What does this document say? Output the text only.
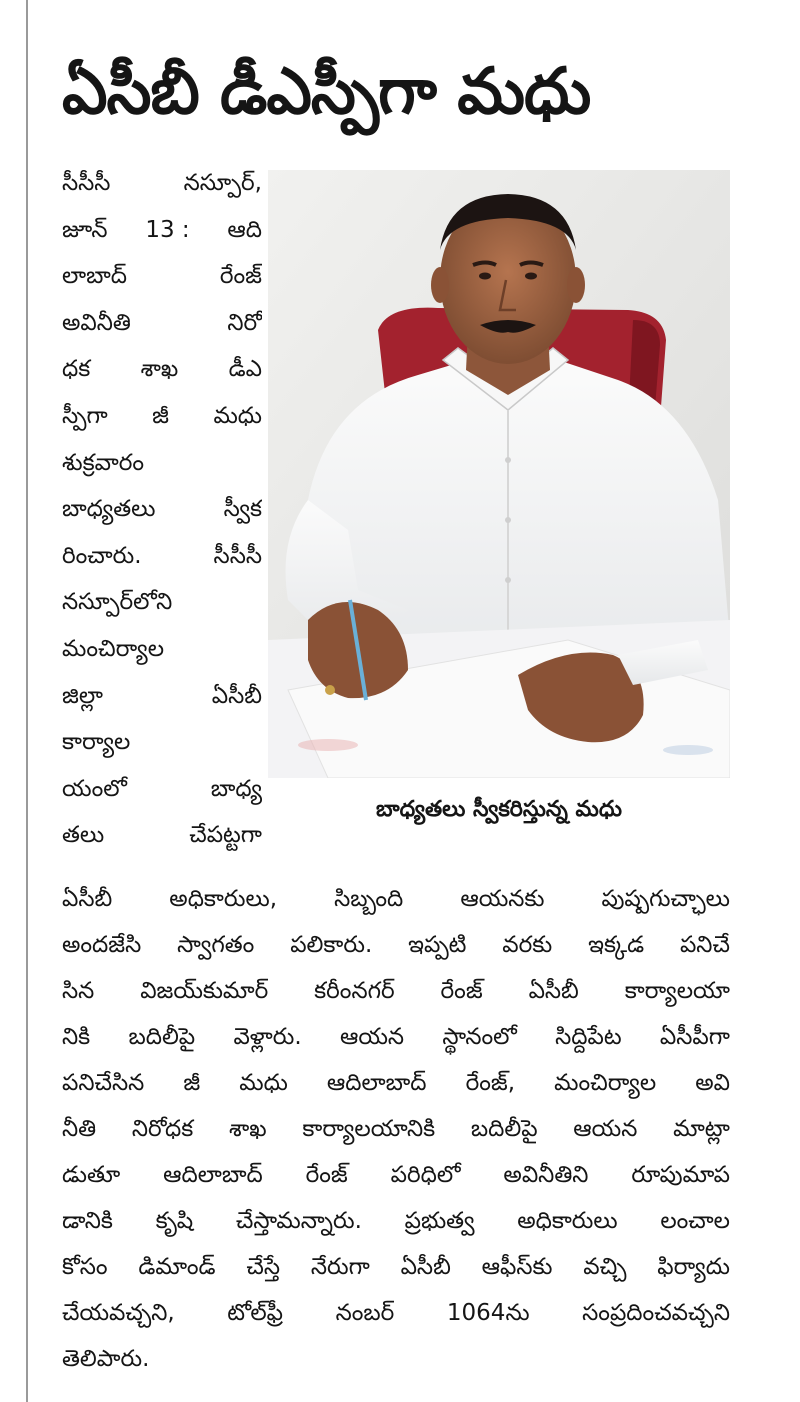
ఏసీబీ డీఎస్పీగా మధు
సీసీసీ	నస్పూర్,
జూన్ 13 : ఆది
లాబాద్	రేంజ్
అవినీతి	నిరో
ధక శాఖ డీఎ
స్పీగా జీ మధు
శుక్రవారం
బాధ్యతలు	స్వీక
రించారు.	సీసీసీ
నస్పూర్‌లోని
మంచిర్యాల
జిల్లా	ఏసీబీ
కార్యాల
యంలో	బాధ్య
తలు	చేపట్టగా
బాధ్యతలు స్వీకరిస్తున్న మధు
ఏసీబీ అధికారులు, సిబ్బంది ఆయనకు పుష్పగుచ్ఛాలు
అందజేసి స్వాగతం పలికారు. ఇప్పటి వరకు ఇక్కడ పనిచే
సిన విజయ్‌కుమార్ కరీంనగర్ రేంజ్ ఏసీబీ కార్యాలయా
నికి బదిలీపై వెళ్లారు. ఆయన స్థానంలో సిద్దిపేట ఏసీపీగా
పనిచేసిన జీ మధు ఆదిలాబాద్ రేంజ్, మంచిర్యాల అవి
నీతి నిరోధక శాఖ కార్యాలయానికి బదిలీపై ఆయన మాట్లా
డుతూ ఆదిలాబాద్ రేంజ్ పరిధిలో అవినీతిని రూపుమాప
డానికి కృషి చేస్తామన్నారు. ప్రభుత్వ అధికారులు లంచాల
కోసం డిమాండ్ చేస్తే నేరుగా ఏసీబీ ఆఫీస్‌కు వచ్చి ఫిర్యాదు
చేయవచ్చని, టోల్‌ఫ్రీ నంబర్ 1064ను సంప్రదించవచ్చని
తెలిపారు.
